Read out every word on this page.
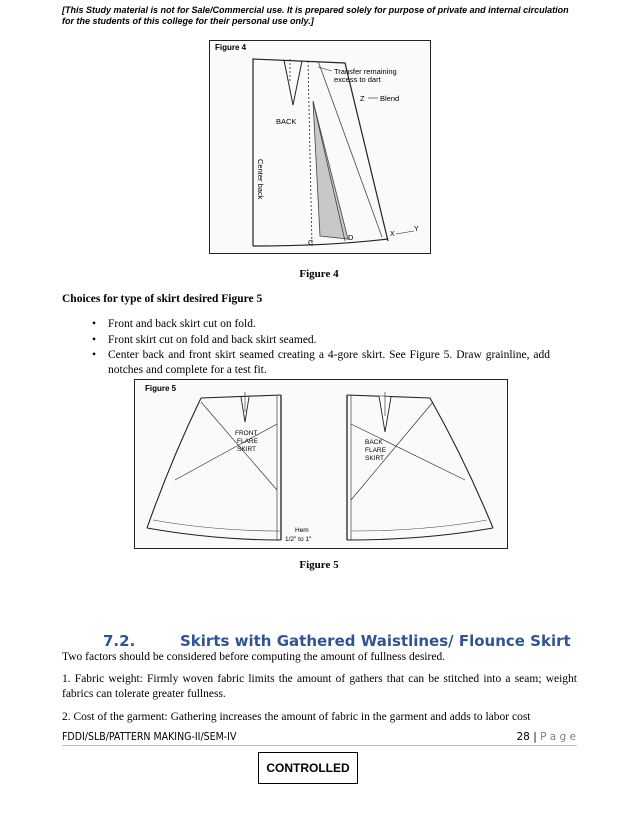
[This Study material is not for Sale/Commercial use. It is prepared solely for purpose of private and internal circulation for the students of this college for their personal use only.]
Figure 4
Transfer remaining
excess to dart
Z Blend
BACK
Center back
C
D	X
Y
Figure 4
Choices for type of skirt desired Figure 5
• Front and back skirt cut on fold.
• Front skirt cut on fold and back skirt seamed.
• Center back and front skirt seamed creating a 4-gore skirt. See Figure 5. Draw grainline, add notches and complete for a test fit.
Figure 5
FRONT
FLARE
SKIRT
BACK
FLARE
SKIRT
Hem
1/2" to 1"
Figure 5
7.2.	Skirts with Gathered Waistlines/ Flounce Skirt
Two factors should be considered before computing the amount of fullness desired.
1. Fabric weight: Firmly woven fabric limits the amount of gathers that can be stitched into a seam; weight fabrics can tolerate greater fullness.
2. Cost of the garment: Gathering increases the amount of fabric in the garment and adds to labor cost
FDDI/SLB/PATTERN MAKING-II/SEM-IV	28 | P a g e
CONTROLLED
